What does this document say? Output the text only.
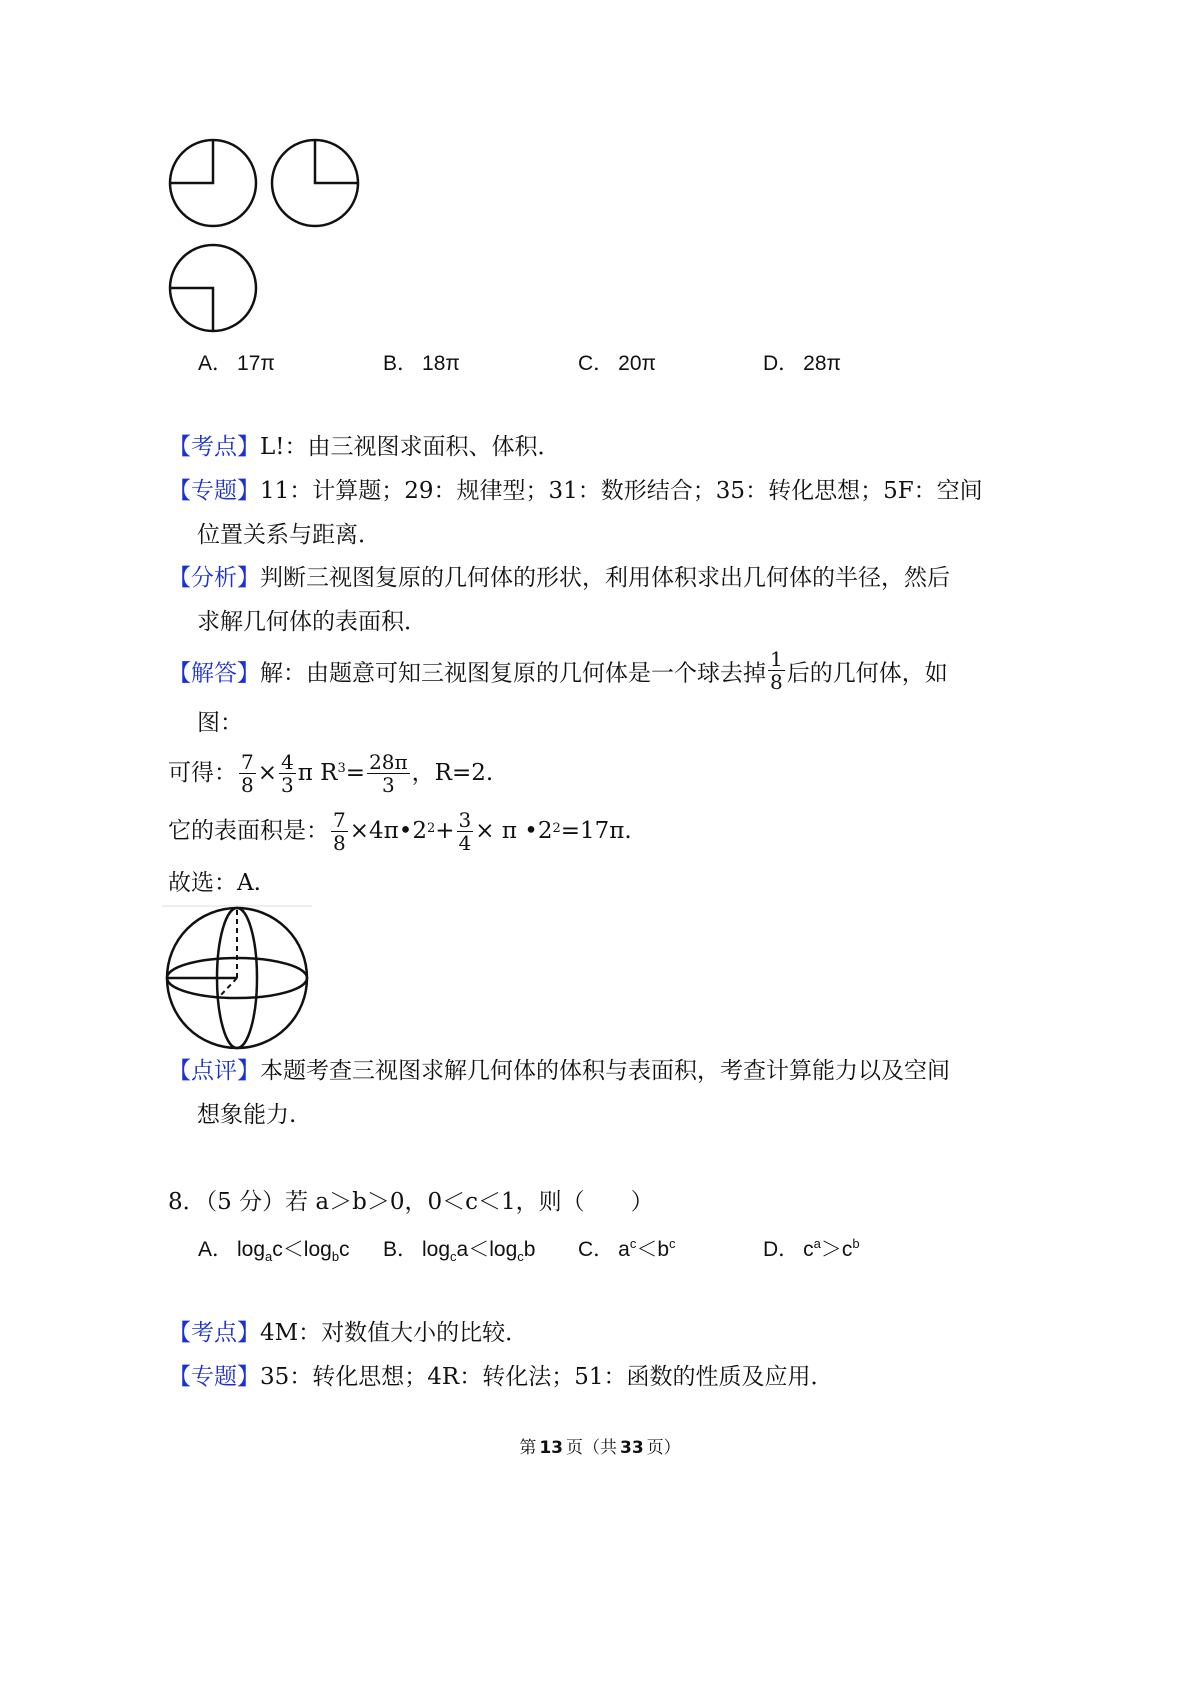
A． 17π	B． 18π	C． 20π	D． 28π
【考点】L!：由三视图求面积、体积．
【专题】11：计算题；29：规律型；31：数形结合；35：转化思想；5F：空间
位置关系与距离．
【分析】判断三视图复原的几何体的形状，利用体积求出几何体的半径，然后
求解几何体的表面积．
【解答】解：由题意可知三视图复原的几何体是一个球去掉 $\frac{1}{8}$ 后的几何体，如
图：
可得： $\frac{7}{8} \times \frac{4}{3}$ π R $3 = \frac{28\pi}{3}$ ，R=2.
它的表面积是： $\frac{7}{8}$ ×4π•2 $2 + \frac{3}{4} \times \pi$ •2 2 =17π.
故选：A.
【点评】本题考查三视图求解几何体的体积与表面积，考查计算能力以及空间
想象能力.
8．（5 分）若 a＞b＞0，0＜c＜1，则（　　）
A． $\log_ac<\log_bc$ B． $\log_ca<\log_cb$ C． $a^c<b^c$	D． $c^a>c^b$
【考点】4M：对数值大小的比较．
【专题】35：转化思想；4R：转化法；51：函数的性质及应用．
第 13 页（共 33 页）
